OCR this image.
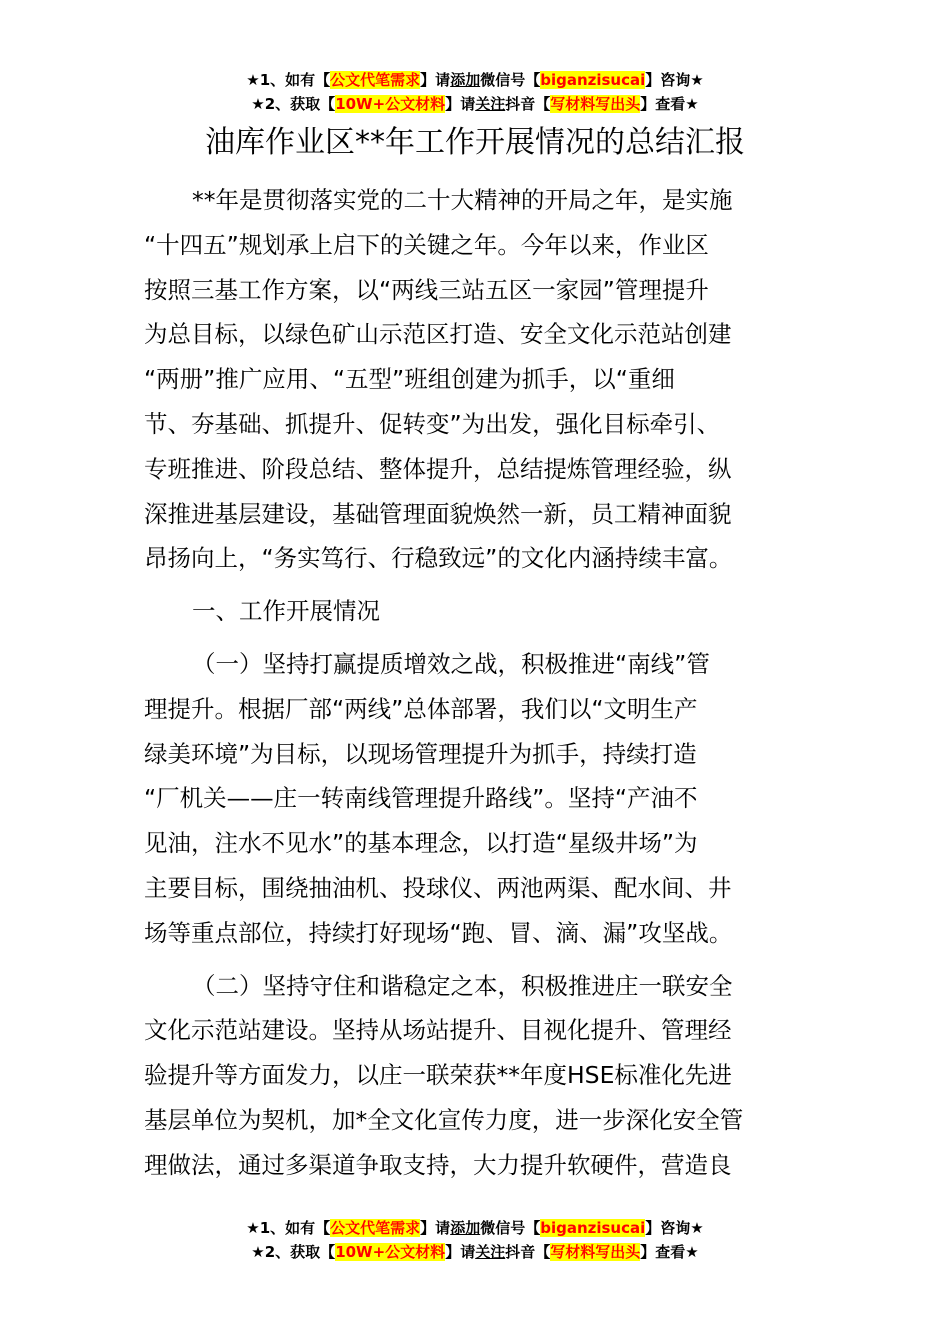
★1、如有【公文代笔需求】请添加微信号【biganzisucai】咨询★
★2、获取【10W+公文材料】请关注抖音【写材料写出头】查看★
油库作业区**年工作开展情况的总结汇报
**年是贯彻落实党的二十大精神的开局之年，是实施
“十四五”规划承上启下的关键之年。今年以来，作业区
按照三基工作方案，以“两线三站五区一家园”管理提升
为总目标，以绿色矿山示范区打造、安全文化示范站创建
“两册”推广应用、“五型”班组创建为抓手，以“重细
节、夯基础、抓提升、促转变”为出发，强化目标牵引、
专班推进、阶段总结、整体提升，总结提炼管理经验，纵
深推进基层建设，基础管理面貌焕然一新，员工精神面貌
昂扬向上，“务实笃行、行稳致远”的文化内涵持续丰富。
一、工作开展情况
（一）坚持打赢提质增效之战，积极推进“南线”管
理提升。根据厂部“两线”总体部署，我们以“文明生产
绿美环境”为目标，以现场管理提升为抓手，持续打造
“厂机关——庄一转南线管理提升路线”。坚持“产油不
见油，注水不见水”的基本理念，以打造“星级井场”为
主要目标，围绕抽油机、投球仪、两池两渠、配水间、井
场等重点部位，持续打好现场“跑、冒、滴、漏”攻坚战。
（二）坚持守住和谐稳定之本，积极推进庄一联安全
文化示范站建设。坚持从场站提升、目视化提升、管理经
验提升等方面发力，以庄一联荣获**年度HSE标准化先进
基层单位为契机，加*全文化宣传力度，进一步深化安全管
理做法，通过多渠道争取支持，大力提升软硬件，营造良
★1、如有【公文代笔需求】请添加微信号【biganzisucai】咨询★
★2、获取【10W+公文材料】请关注抖音【写材料写出头】查看★
